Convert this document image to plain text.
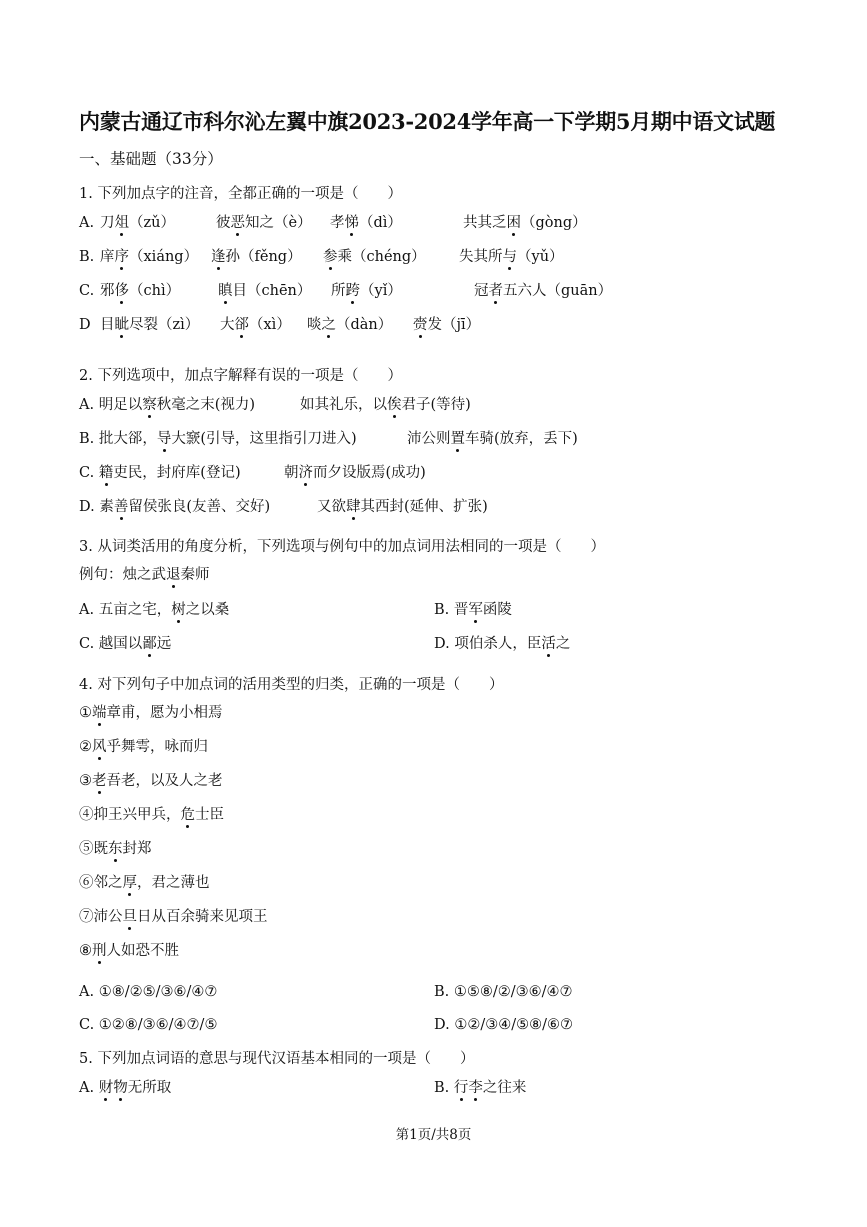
内蒙古通辽市科尔沁左翼中旗2023-2024学年高一下学期5月期中语文试题
一、基础题（33分）
1. 下列加点字的注音，全都正确的一项是（　　）
A. 刀俎（zǔ）	彼恶知之（è） 孝悌（dì）	共其乏困（gòng）
B. 庠序（xiáng） 逢孙（fěng） 参乘（chéng） 失其所与（yǔ）
C. 邪侈（chì）	瞋目（chēn） 所跨（yǐ）	冠者五六人（guān）
D 目眦尽裂（zì） 大郤（xì） 啖之（dàn） 赍发（jī）
2. 下列选项中，加点字解释有误的一项是（　　）
A. 明足以察秋毫之末(视力)	如其礼乐，以俟君子(等待)
B. 批大郤，导大窾(引导，这里指引刀进入)	沛公则置车骑(放弃，丢下)
C. 籍吏民，封府库(登记)	朝济而夕设版焉(成功)
D. 素善留侯张良(友善、交好)	又欲肆其西封(延伸、扩张)
3. 从词类活用的角度分析，下列选项与例句中的加点词用法相同的一项是（　　）
例句：烛之武退秦师
A. 五亩之宅，树之以桑	B. 晋军函陵
C. 越国以鄙远	D. 项伯杀人，臣活之
4. 对下列句子中加点词的活用类型的归类，正确的一项是（　　）
①端章甫，愿为小相焉
②风乎舞雩，咏而归
③老吾老，以及人之老
④抑王兴甲兵，危士臣
⑤既东封郑
⑥邻之厚，君之薄也
⑦沛公旦日从百余骑来见项王
⑧刑人如恐不胜
A. ①⑧/②⑤/③⑥/④⑦	B. ①⑤⑧/②/③⑥/④⑦
C. ①②⑧/③⑥/④⑦/⑤	D. ①②/③④/⑤⑧/⑥⑦
5. 下列加点词语的意思与现代汉语基本相同的一项是（　　）
A. 财物无所取	B. 行李之往来
第1页/共8页
